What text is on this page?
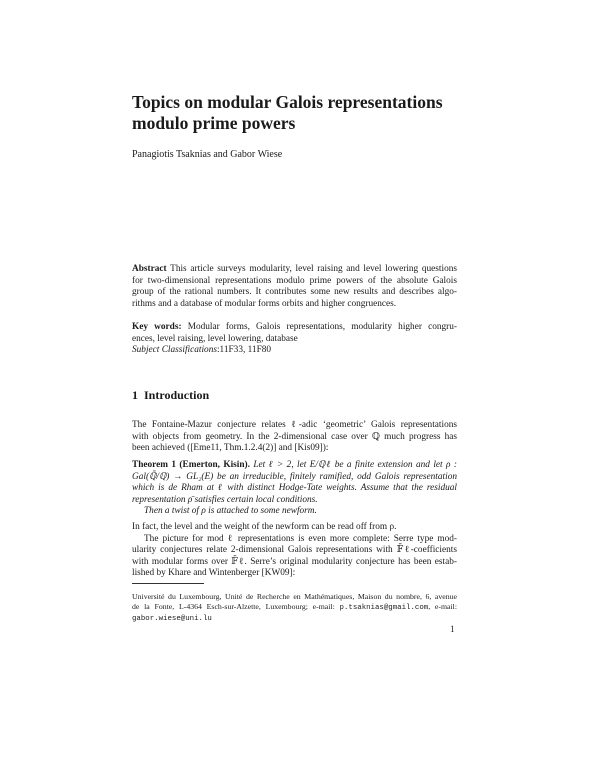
Topics on modular Galois representations
modulo prime powers
Panagiotis Tsaknias and Gabor Wiese
Abstract This article surveys modularity, level raising and level lowering questions
for two-dimensional representations modulo prime powers of the absolute Galois
group of the rational numbers. It contributes some new results and describes algo-
rithms and a database of modular forms orbits and higher congruences.
Key words: Modular forms, Galois representations, modularity higher congru-
ences, level raising, level lowering, database
Subject Classifications:11F33, 11F80
1 Introduction
The Fontaine-Mazur conjecture relates ℓ-adic ‘geometric’ Galois representations
with objects from geometry. In the 2-dimensional case over ℚ much progress has
been achieved ([Eme11, Thm.1.2.4(2)] and [Kis09]):
Theorem 1 (Emerton, Kisin). Let ℓ > 2, let E/ℚℓ be a finite extension and let ρ :
Gal(ℚ̄/ℚ) → GL₂(E) be an irreducible, finitely ramified, odd Galois representation
which is de Rham at ℓ with distinct Hodge-Tate weights. Assume that the residual
representation ρ̄ satisfies certain local conditions.
Then a twist of ρ is attached to some newform.
In fact, the level and the weight of the newform can be read off from ρ.
The picture for mod ℓ representations is even more complete: Serre type mod-
ularity conjectures relate 2-dimensional Galois representations with 𝔽̄ℓ-coefficients
with modular forms over 𝔽̄ℓ. Serre’s original modularity conjecture has been estab-
lished by Khare and Wintenberger [KW09]:
Université du Luxembourg, Unité de Recherche en Mathématiques, Maison du nombre, 6, avenue
de la Fonte, L-4364 Esch-sur-Alzette, Luxembourg; e-mail: p.tsaknias@gmail.com, e-mail:
gabor.wiese@uni.lu
1
